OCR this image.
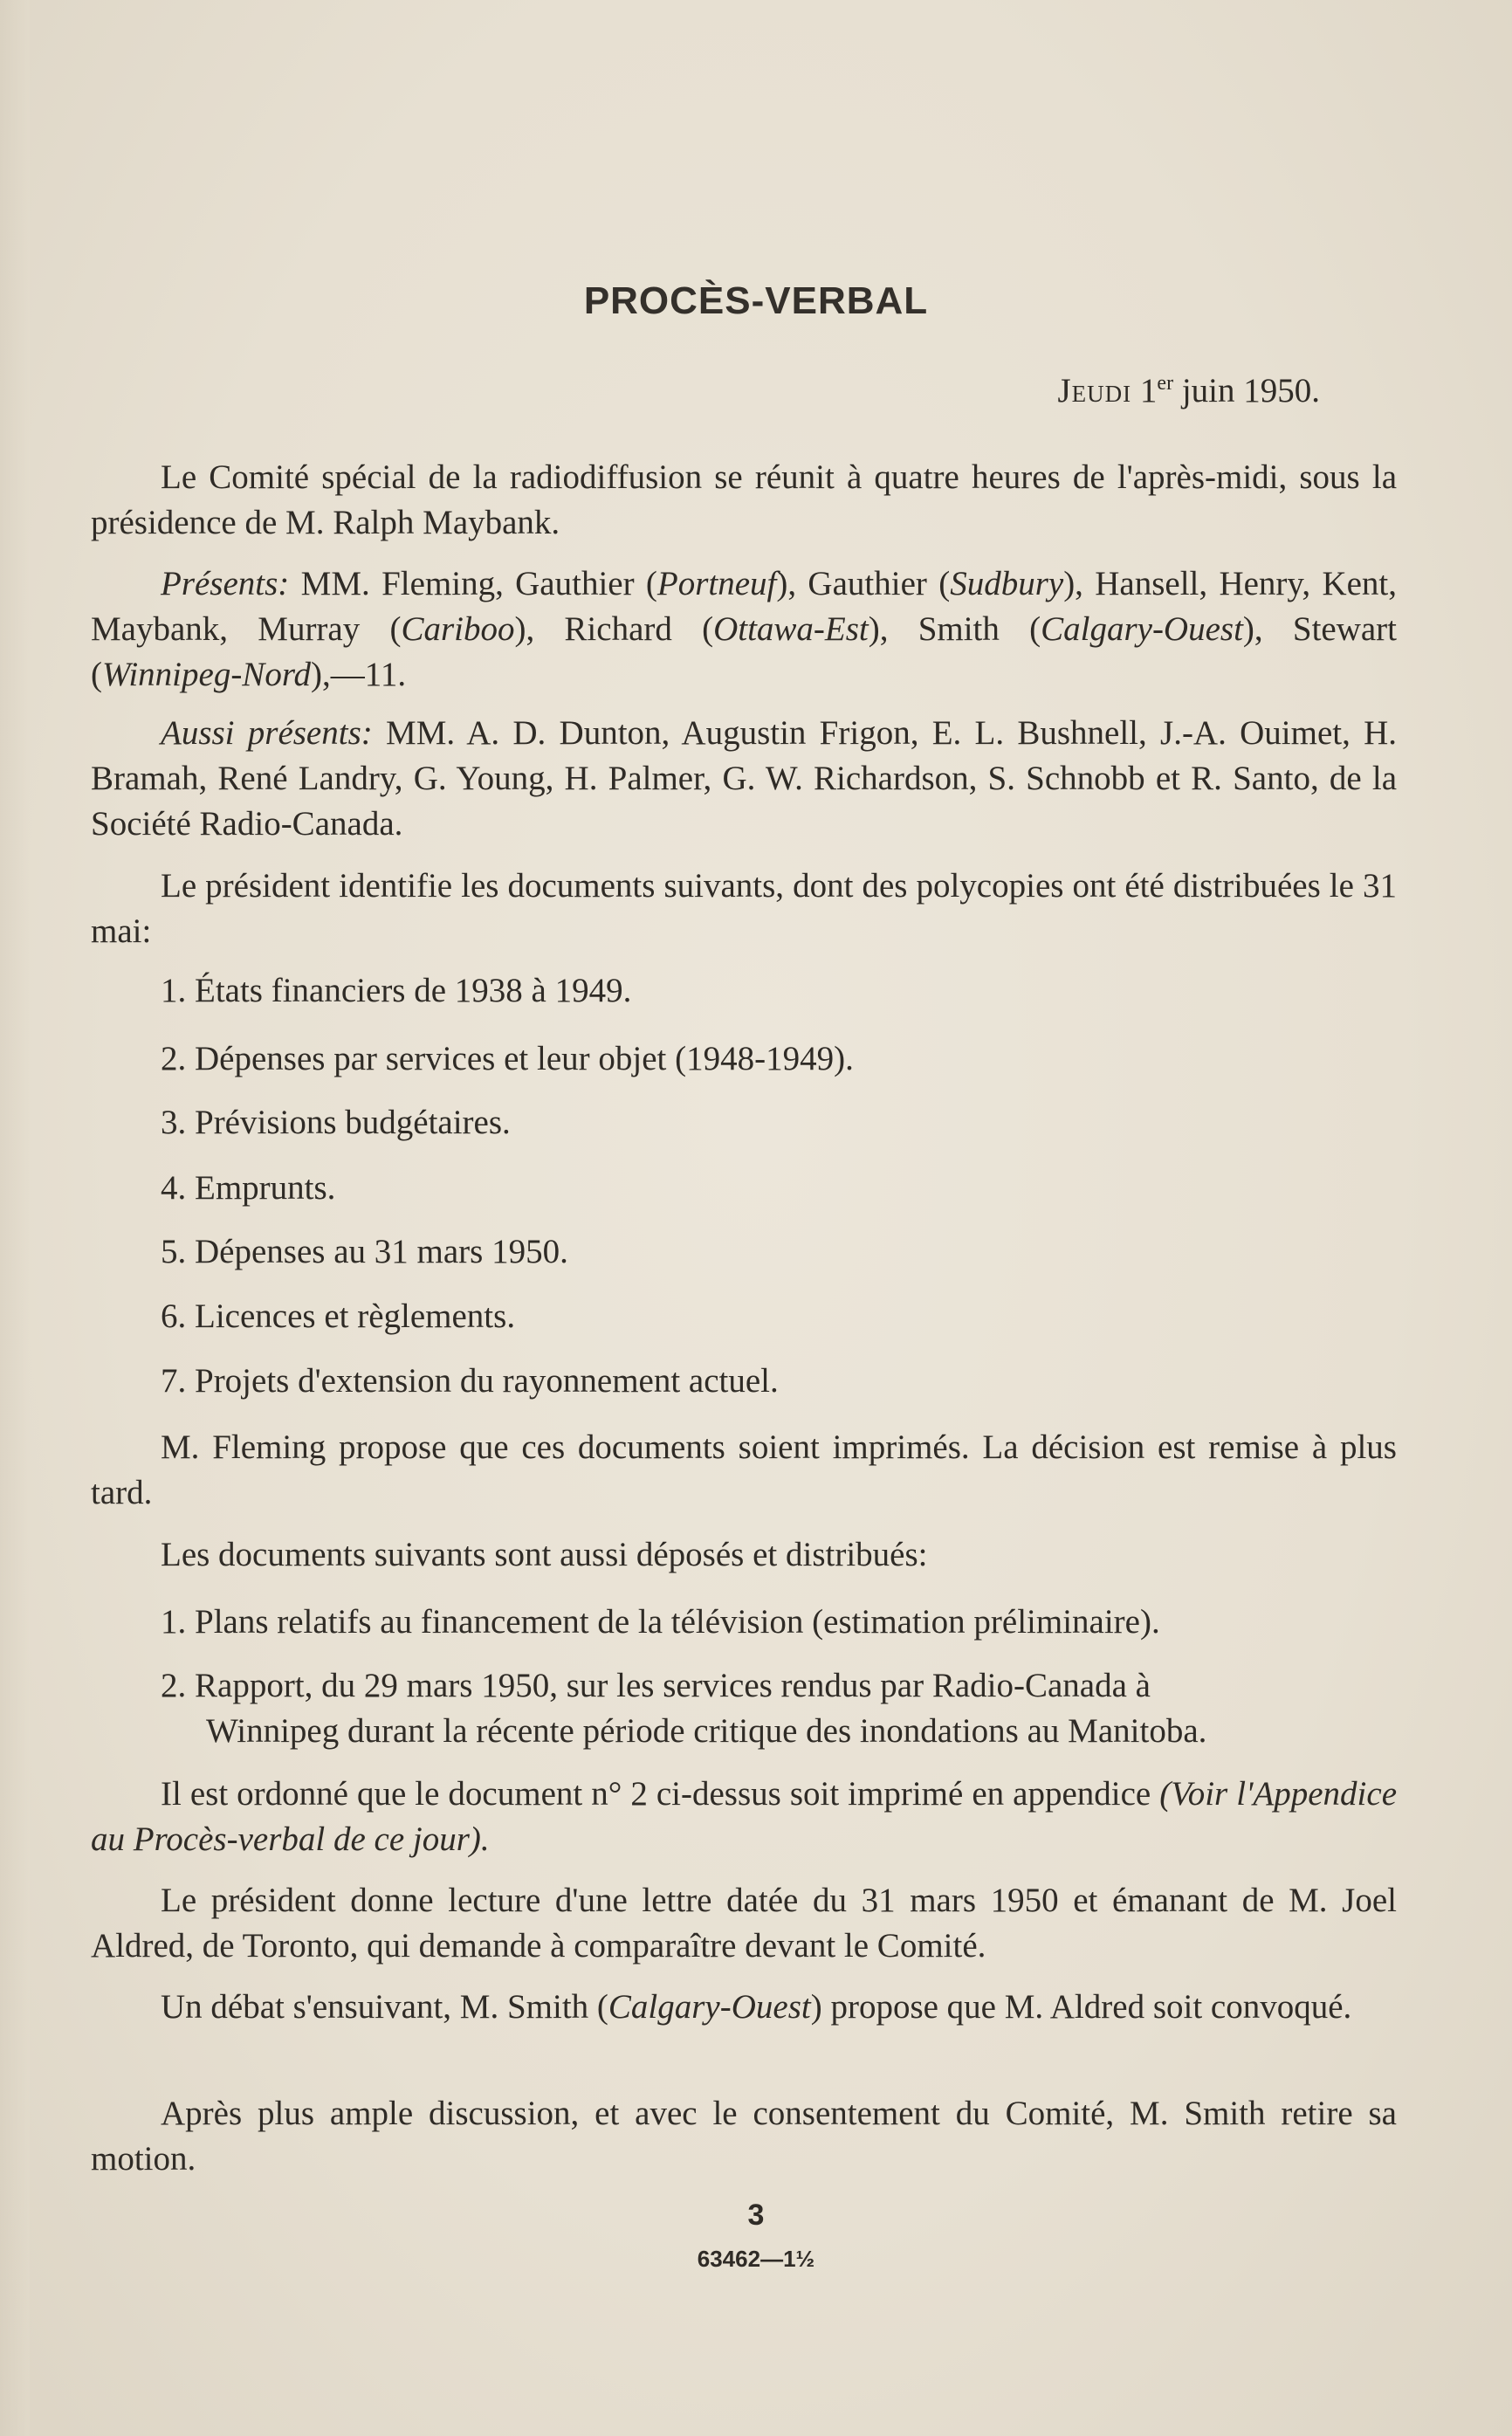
PROCÈS-VERBAL
Jeudi 1er juin 1950.

Le Comité spécial de la radiodiffusion se réunit à quatre heures de l'après-midi, sous la présidence de M. Ralph Maybank.

Présents: MM. Fleming, Gauthier (Portneuf), Gauthier (Sudbury), Hansell, Henry, Kent, Maybank, Murray (Cariboo), Richard (Ottawa-Est), Smith (Calgary-Ouest), Stewart (Winnipeg-Nord),—11.

Aussi présents: MM. A. D. Dunton, Augustin Frigon, E. L. Bushnell, J.-A. Ouimet, H. Bramah, René Landry, G. Young, H. Palmer, G. W. Richardson, S. Schnobb et R. Santo, de la Société Radio-Canada.

Le président identifie les documents suivants, dont des polycopies ont été distribuées le 31 mai:

1. États financiers de 1938 à 1949.
2. Dépenses par services et leur objet (1948-1949).
3. Prévisions budgétaires.
4. Emprunts.
5. Dépenses au 31 mars 1950.
6. Licences et règlements.
7. Projets d'extension du rayonnement actuel.

M. Fleming propose que ces documents soient imprimés. La décision est remise à plus tard.

Les documents suivants sont aussi déposés et distribués:

1. Plans relatifs au financement de la télévision (estimation préliminaire).
2. Rapport, du 29 mars 1950, sur les services rendus par Radio-Canada à
Winnipeg durant la récente période critique des inondations au Manitoba.

Il est ordonné que le document n° 2 ci-dessus soit imprimé en appendice (Voir l'Appendice au Procès-verbal de ce jour).

Le président donne lecture d'une lettre datée du 31 mars 1950 et émanant de M. Joel Aldred, de Toronto, qui demande à comparaître devant le Comité.

Un débat s'ensuivant, M. Smith (Calgary-Ouest) propose que M. Aldred soit convoqué.

Après plus ample discussion, et avec le consentement du Comité, M. Smith retire sa motion.

3
63462—1½
